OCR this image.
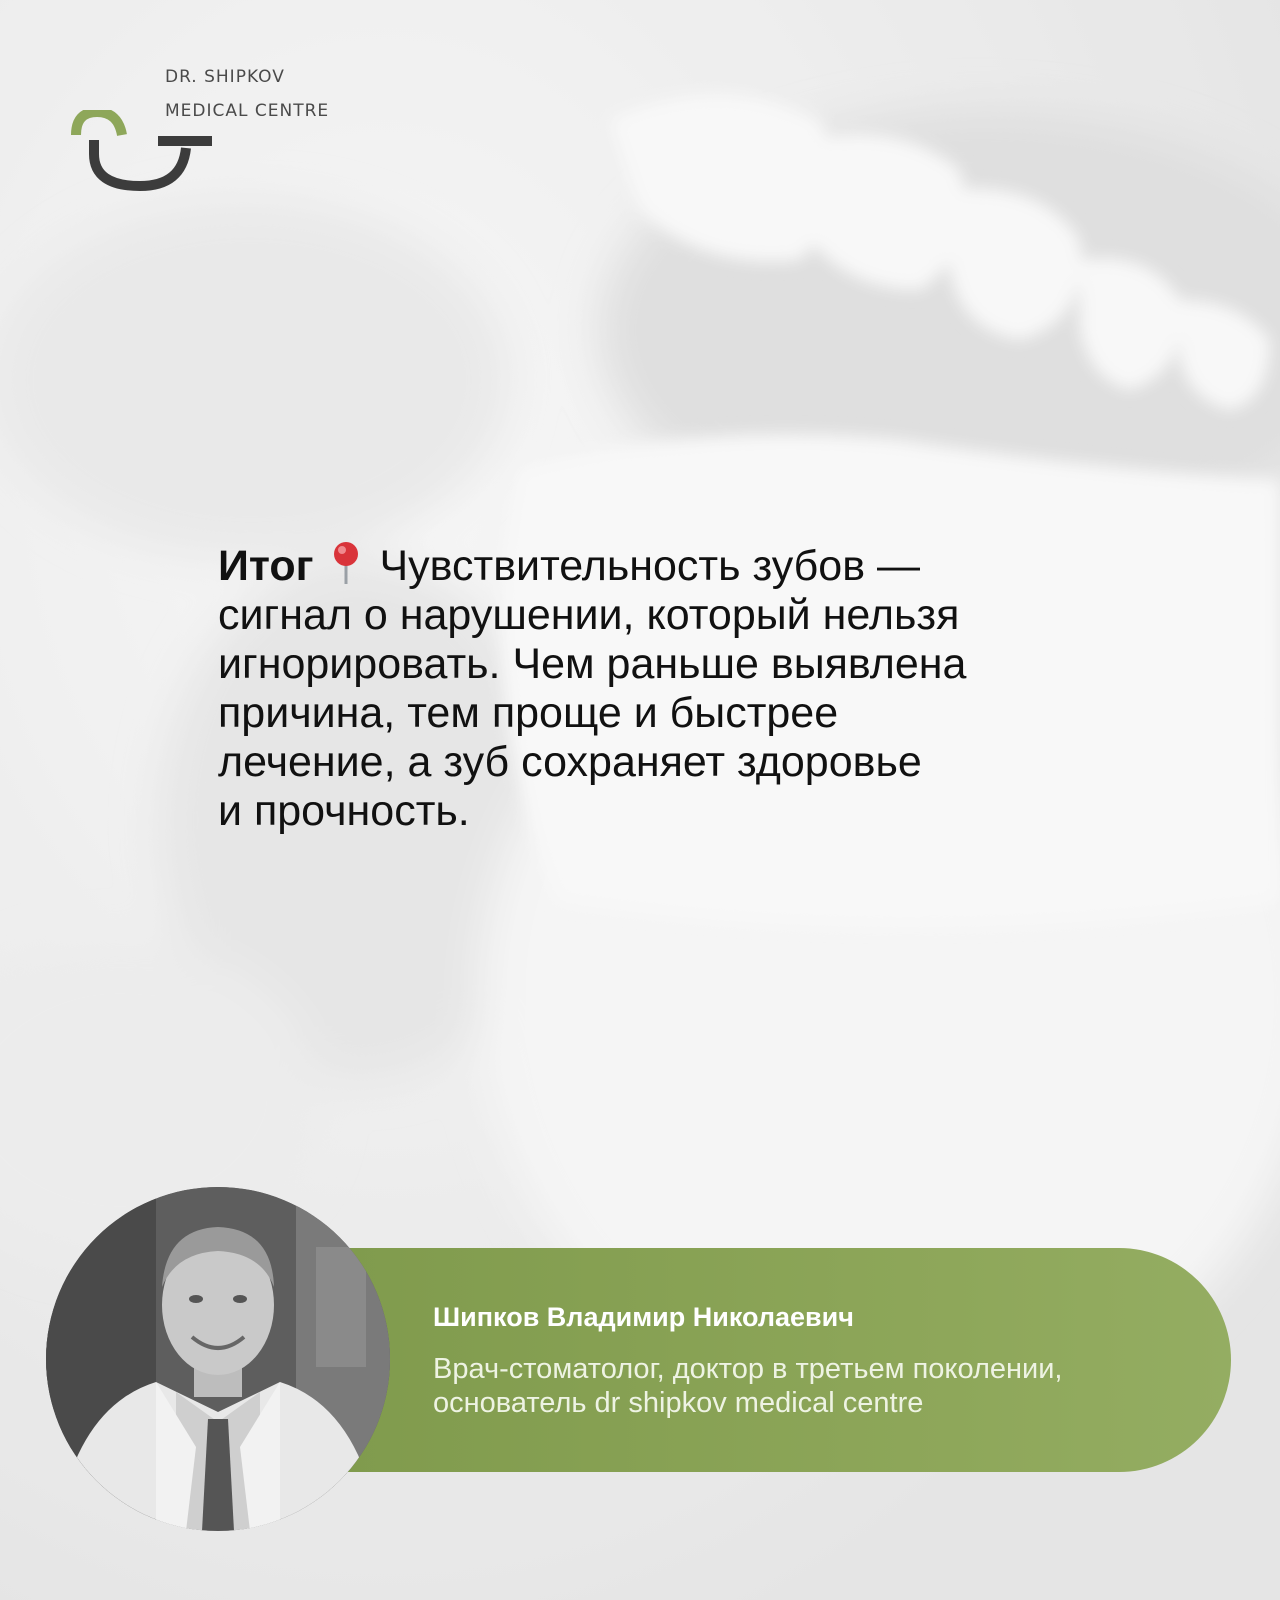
DR. SHIPKOV
MEDICAL CENTRE
Итог Чувствительность зубов —
сигнал о нарушении, который нельзя
игнорировать. Чем раньше выявлена
причина, тем проще и быстрее
лечение, а зуб сохраняет здоровье
и прочность.
Шипков Владимир Николаевич
Врач-стоматолог, доктор в третьем поколении,
основатель dr shipkov medical centre
